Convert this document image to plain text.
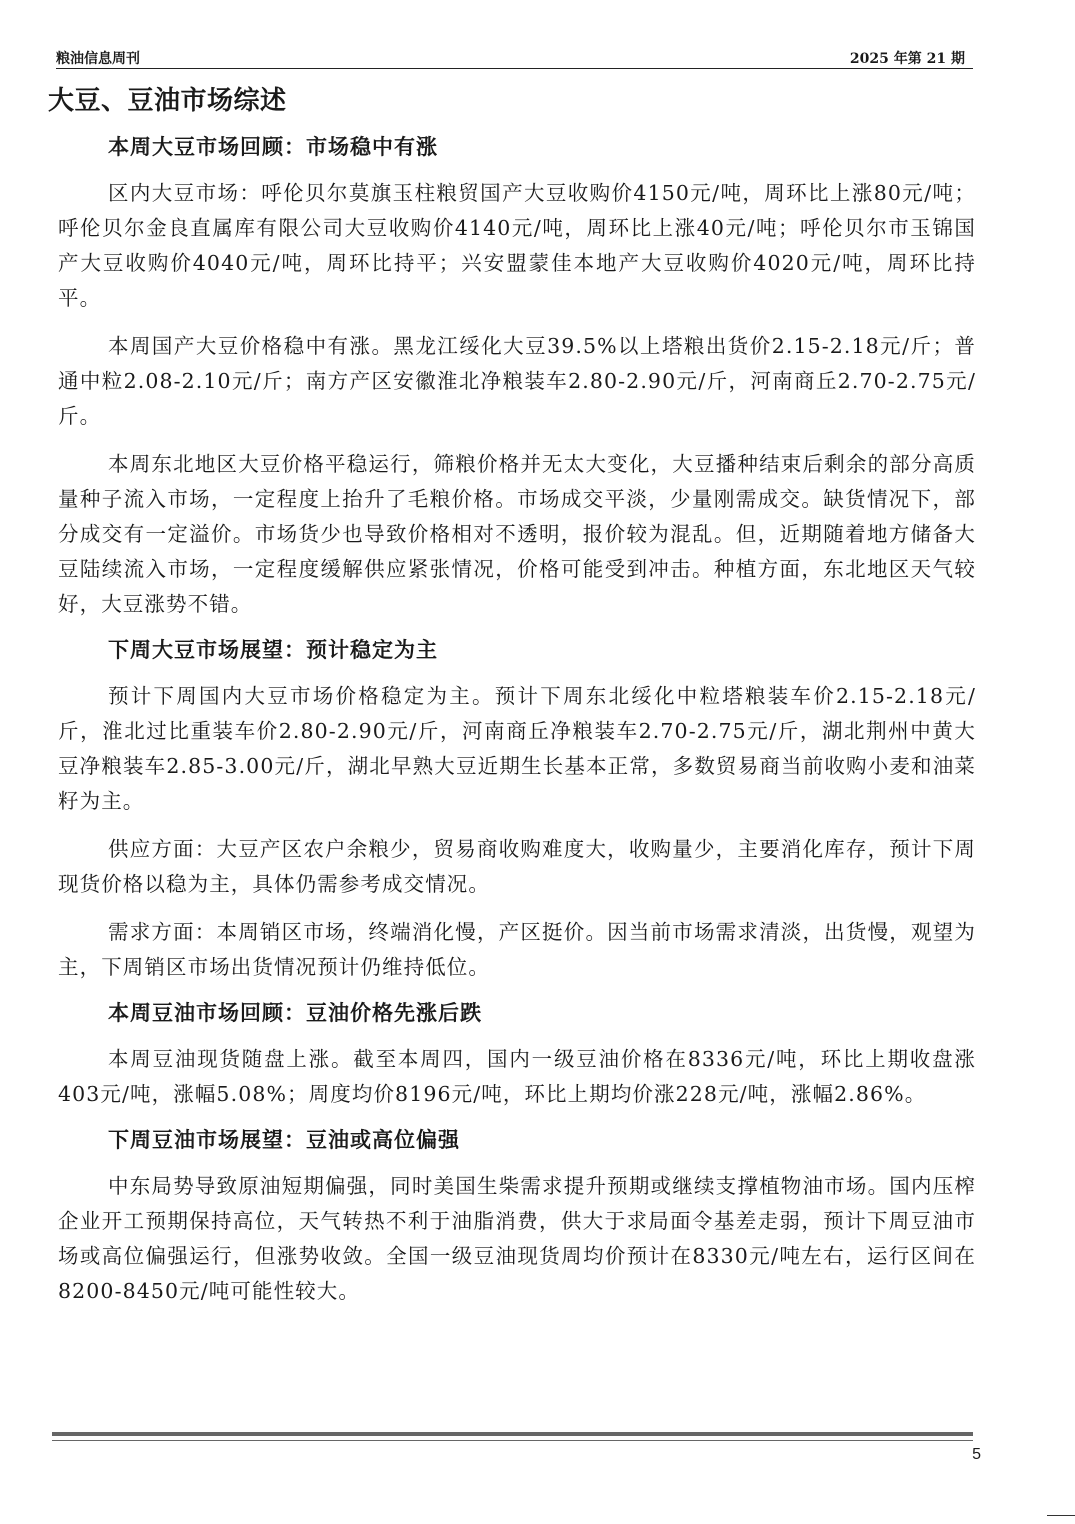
粮油信息周刊	2025 年第 21 期
大豆、豆油市场综述
本周大豆市场回顾：市场稳中有涨
区内大豆市场：呼伦贝尔莫旗玉柱粮贸国产大豆收购价4150元/吨，周环比上涨80元/吨；呼伦贝尔金良直属库有限公司大豆收购价4140元/吨，周环比上涨40元/吨；呼伦贝尔市玉锦国产大豆收购价4040元/吨，周环比持平；兴安盟蒙佳本地产大豆收购价4020元/吨，周环比持平。
本周国产大豆价格稳中有涨。黑龙江绥化大豆39.5%以上塔粮出货价2.15-2.18元/斤；普通中粒2.08-2.10元/斤；南方产区安徽淮北净粮装车2.80-2.90元/斤，河南商丘2.70-2.75元/斤。
本周东北地区大豆价格平稳运行，筛粮价格并无太大变化，大豆播种结束后剩余的部分高质量种子流入市场，一定程度上抬升了毛粮价格。市场成交平淡，少量刚需成交。缺货情况下，部分成交有一定溢价。市场货少也导致价格相对不透明，报价较为混乱。但，近期随着地方储备大豆陆续流入市场，一定程度缓解供应紧张情况，价格可能受到冲击。种植方面，东北地区天气较好，大豆涨势不错。
下周大豆市场展望：预计稳定为主
预计下周国内大豆市场价格稳定为主。预计下周东北绥化中粒塔粮装车价2.15-2.18元/斤，淮北过比重装车价2.80-2.90元/斤，河南商丘净粮装车2.70-2.75元/斤，湖北荆州中黄大豆净粮装车2.85-3.00元/斤，湖北早熟大豆近期生长基本正常，多数贸易商当前收购小麦和油菜籽为主。
供应方面：大豆产区农户余粮少，贸易商收购难度大，收购量少，主要消化库存，预计下周现货价格以稳为主，具体仍需参考成交情况。
需求方面：本周销区市场，终端消化慢，产区挺价。因当前市场需求清淡，出货慢，观望为主，下周销区市场出货情况预计仍维持低位。
本周豆油市场回顾：豆油价格先涨后跌
本周豆油现货随盘上涨。截至本周四，国内一级豆油价格在8336元/吨，环比上期收盘涨403元/吨，涨幅5.08%；周度均价8196元/吨，环比上期均价涨228元/吨，涨幅2.86%。
下周豆油市场展望：豆油或高位偏强
中东局势导致原油短期偏强，同时美国生柴需求提升预期或继续支撑植物油市场。国内压榨企业开工预期保持高位，天气转热不利于油脂消费，供大于求局面令基差走弱，预计下周豆油市场或高位偏强运行，但涨势收敛。全国一级豆油现货周均价预计在8330元/吨左右，运行区间在8200-8450元/吨可能性较大。
5
